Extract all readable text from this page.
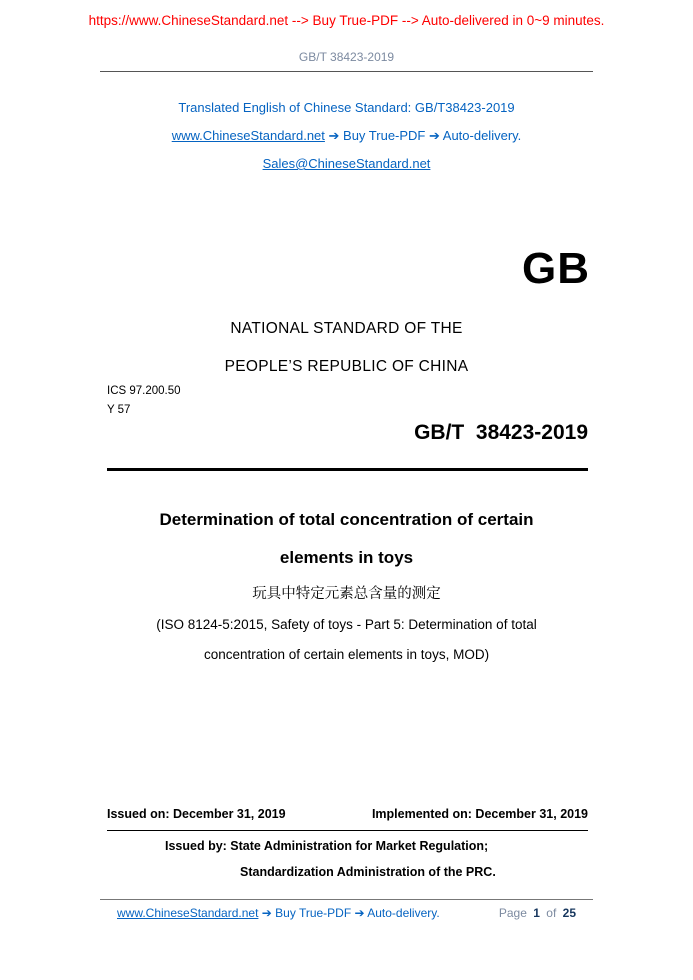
https://www.ChineseStandard.net --> Buy True-PDF --> Auto-delivered in 0~9 minutes.
GB/T 38423-2019
Translated English of Chinese Standard: GB/T38423-2019
www.ChineseStandard.net ➔ Buy True-PDF ➔ Auto-delivery.
Sales@ChineseStandard.net
GB
NATIONAL STANDARD OF THE
PEOPLE’S REPUBLIC OF CHINA
ICS 97.200.50
Y 57
GB/T  38423-2019
Determination of total concentration of certain
elements in toys
玩具中特定元素总含量的测定
(ISO 8124-5:2015, Safety of toys - Part 5: Determination of total
concentration of certain elements in toys, MOD)
Issued on: December 31, 2019	Implemented on: December 31, 2019
Issued by: State Administration for Market Regulation;
Standardization Administration of the PRC.
www.ChineseStandard.net ➔ Buy True-PDF ➔ Auto-delivery.	Page 1 of 25
